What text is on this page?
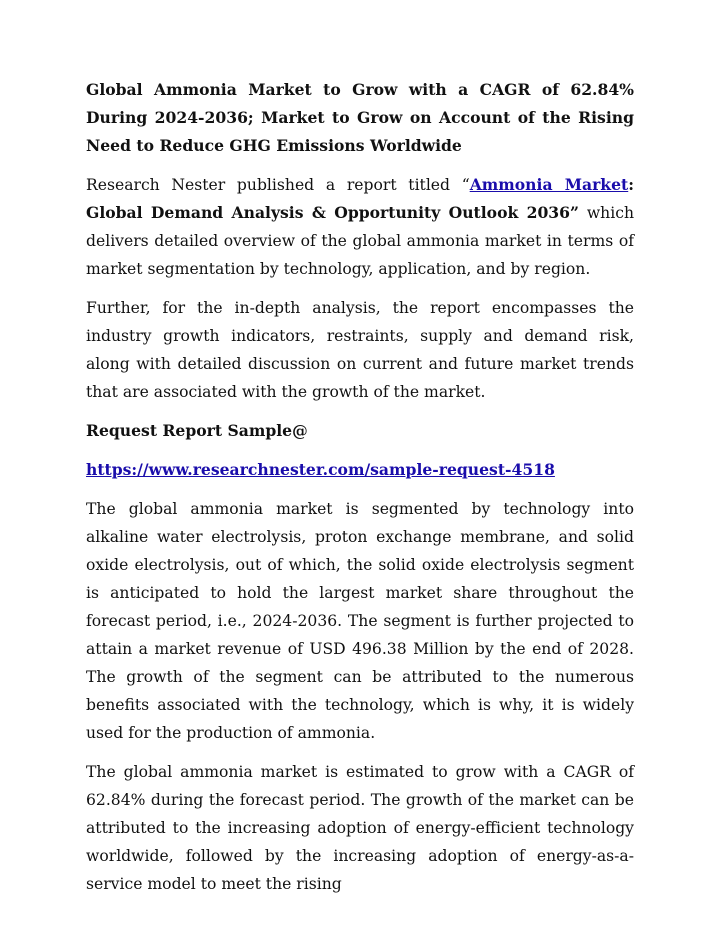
Global Ammonia Market to Grow with a CAGR of 62.84% During 2024-2036; Market to Grow on Account of the Rising Need to Reduce GHG Emissions Worldwide

Research Nester published a report titled “Ammonia Market: Global Demand Analysis & Opportunity Outlook 2036” which delivers detailed overview of the global ammonia market in terms of market segmentation by technology, application, and by region.

Further, for the in-depth analysis, the report encompasses the industry growth indicators, restraints, supply and demand risk, along with detailed discussion on current and future market trends that are associated with the growth of the market.

Request Report Sample@

https://www.researchnester.com/sample-request-4518

The global ammonia market is segmented by technology into alkaline water electrolysis, proton exchange membrane, and solid oxide electrolysis, out of which, the solid oxide electrolysis segment is anticipated to hold the largest market share throughout the forecast period, i.e., 2024-2036. The segment is further projected to attain a market revenue of USD 496.38 Million by the end of 2028. The growth of the segment can be attributed to the numerous benefits associated with the technology, which is why, it is widely used for the production of ammonia.

The global ammonia market is estimated to grow with a CAGR of 62.84% during the forecast period. The growth of the market can be attributed to the increasing adoption of energy-efficient technology worldwide, followed by the increasing adoption of energy-as-a-service model to meet the rising
